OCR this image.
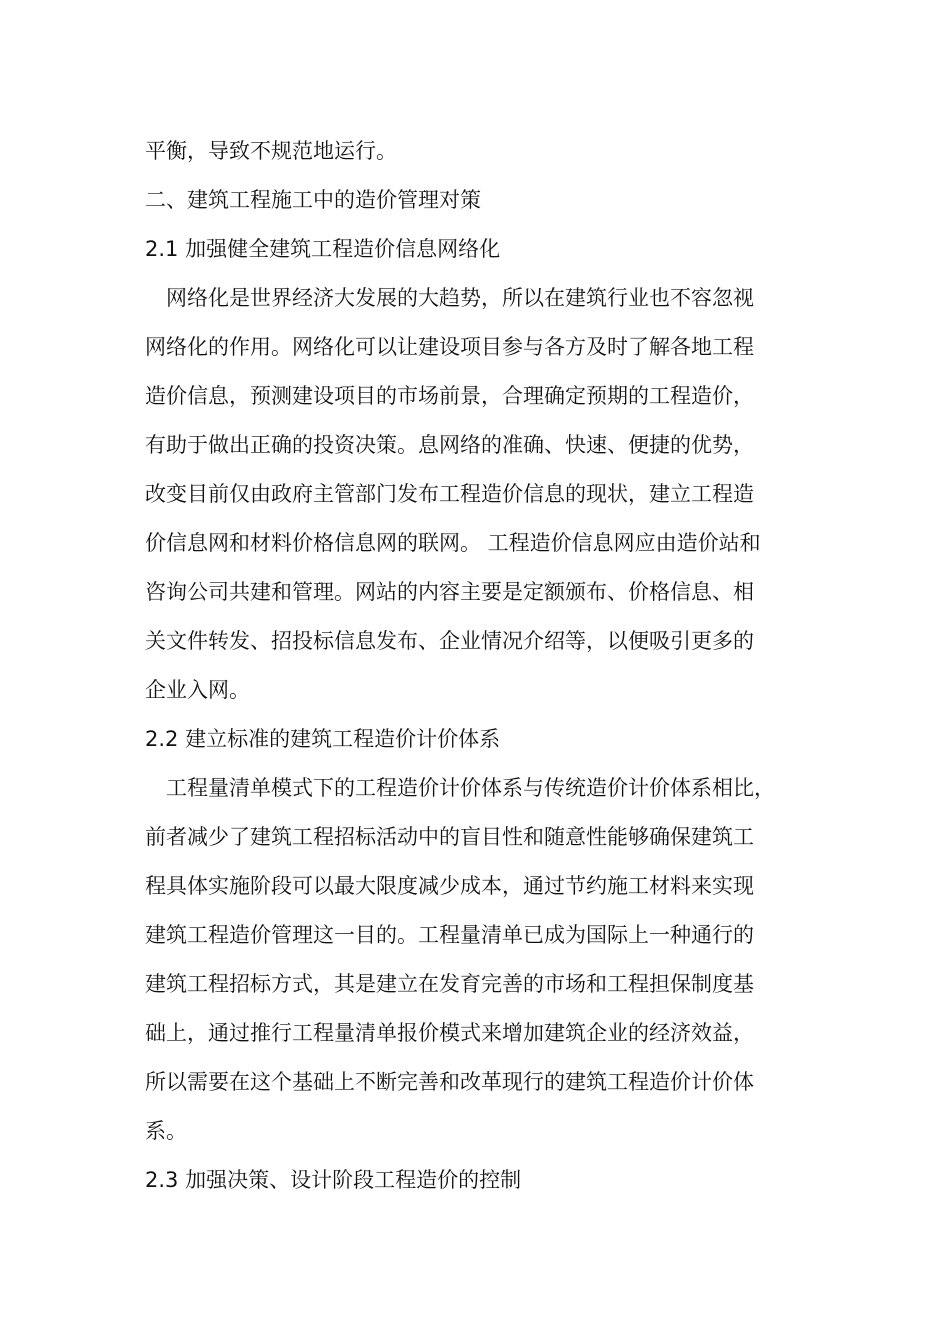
平衡，导致不规范地运行。
二、建筑工程施工中的造价管理对策
2.1 加强健全建筑工程造价信息网络化
网络化是世界经济大发展的大趋势，所以在建筑行业也不容忽视
网络化的作用。网络化可以让建设项目参与各方及时了解各地工程
造价信息，预测建设项目的市场前景，合理确定预期的工程造价，
有助于做出正确的投资决策。息网络的准确、快速、便捷的优势，
改变目前仅由政府主管部门发布工程造价信息的现状，建立工程造
价信息网和材料价格信息网的联网。 工程造价信息网应由造价站和
咨询公司共建和管理。网站的内容主要是定额颁布、价格信息、相
关文件转发、招投标信息发布、企业情况介绍等，以便吸引更多的
企业入网。
2.2 建立标准的建筑工程造价计价体系
工程量清单模式下的工程造价计价体系与传统造价计价体系相比，
前者减少了建筑工程招标活动中的盲目性和随意性能够确保建筑工
程具体实施阶段可以最大限度减少成本，通过节约施工材料来实现
建筑工程造价管理这一目的。工程量清单已成为国际上一种通行的
建筑工程招标方式，其是建立在发育完善的市场和工程担保制度基
础上，通过推行工程量清单报价模式来增加建筑企业的经济效益，
所以需要在这个基础上不断完善和改革现行的建筑工程造价计价体
系。
2.3 加强决策、设计阶段工程造价的控制
